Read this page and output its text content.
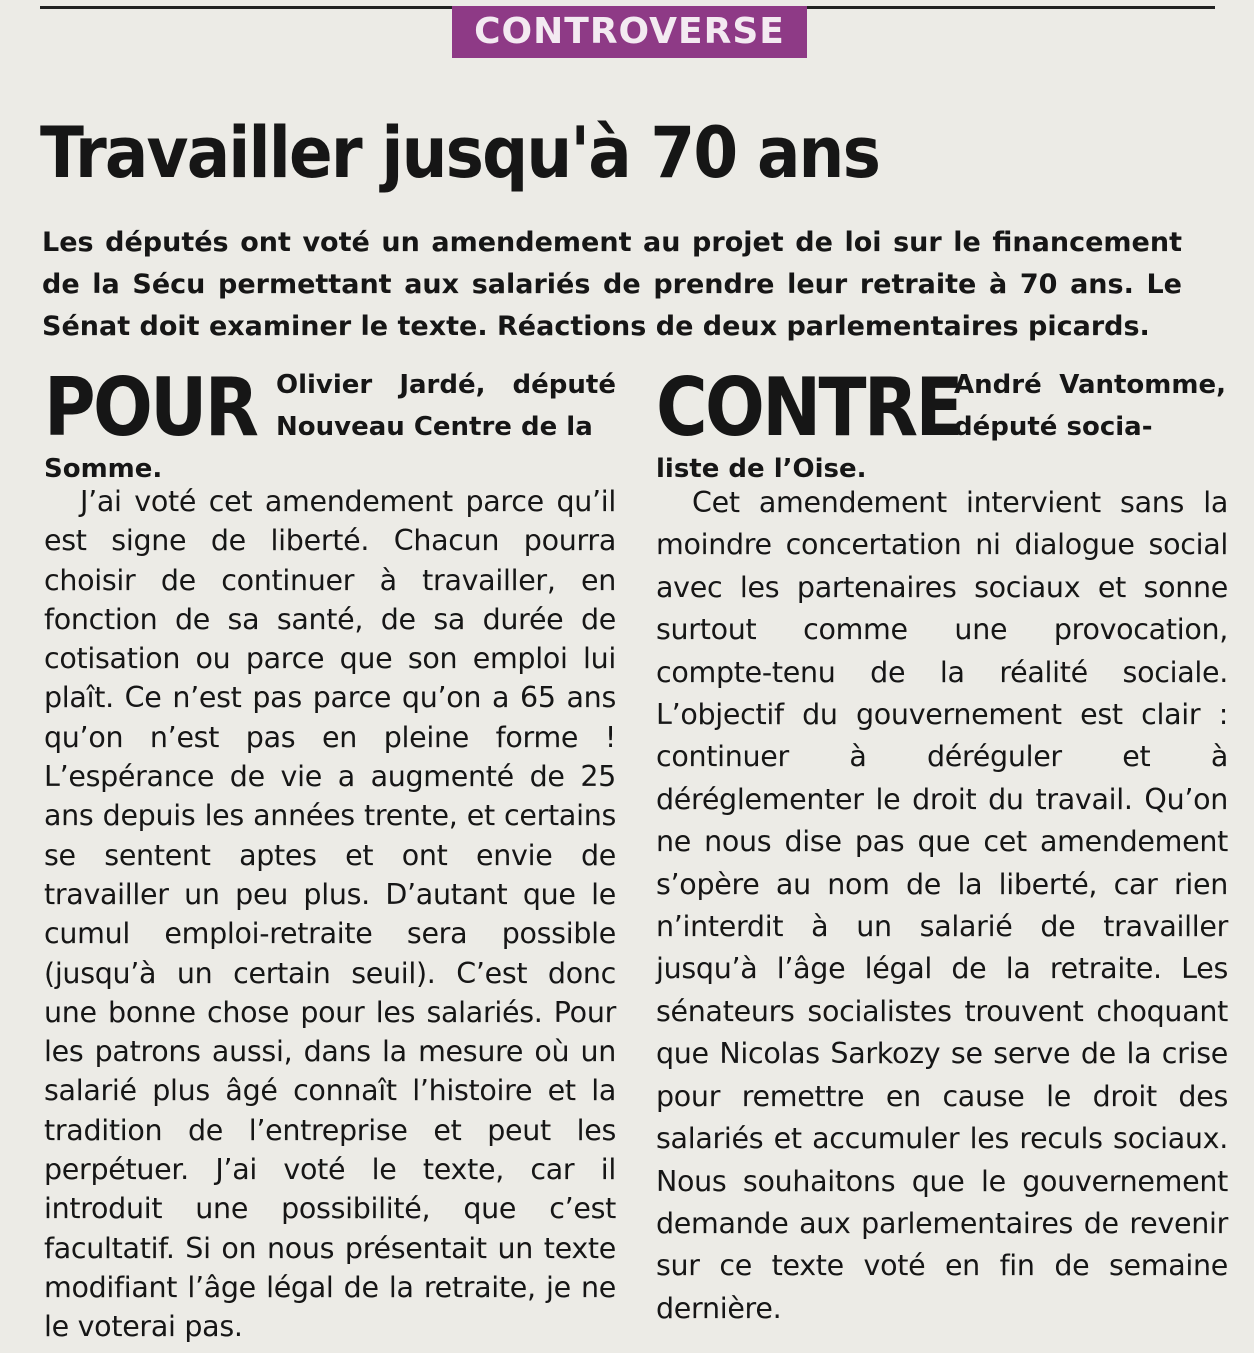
CONTROVERSE
Travailler jusqu'à 70 ans
Les députés ont voté un amendement au projet de loi sur le financement de la Sécu permettant aux salariés de prendre leur retraite à 70 ans. Le Sénat doit examiner le texte. Réactions de deux parlementaires picards.
POUR Olivier Jardé, député Nouveau Centre de la
Somme.
J’ai voté cet amendement parce qu’il est signe de liberté. Chacun pourra choisir de continuer à travailler, en fonction de sa santé, de sa durée de cotisation ou parce que son emploi lui plaît. Ce n’est pas parce qu’on a 65 ans qu’on n’est pas en pleine forme ! L’espérance de vie a augmenté de 25 ans depuis les années trente, et certains se sentent aptes et ont envie de travailler un peu plus. D’autant que le cumul emploi-retraite sera possible (jusqu’à un certain seuil). C’est donc une bonne chose pour les salariés. Pour les patrons aussi, dans la mesure où un salarié plus âgé connaît l’histoire et la tradition de l’entreprise et peut les perpétuer. J’ai voté le texte, car il introduit une possibilité, que c’est facultatif. Si on nous présentait un texte modifiant l’âge légal de la retraite, je ne le voterai pas.
CONTRE
André Vantomme, député socia-
liste de l’Oise.
Cet amendement intervient sans la moindre concertation ni dialogue social avec les partenaires sociaux et sonne surtout comme une provocation, compte-tenu de la réalité sociale. L’objectif du gouvernement est clair : continuer à déréguler et à déréglementer le droit du travail. Qu’on ne nous dise pas que cet amendement s’opère au nom de la liberté, car rien n’interdit à un salarié de travailler jusqu’à l’âge légal de la retraite. Les sénateurs socialistes trouvent choquant que Nicolas Sarkozy se serve de la crise pour remettre en cause le droit des salariés et accumuler les reculs sociaux. Nous souhaitons que le gouvernement demande aux parlementaires de revenir sur ce texte voté en fin de semaine dernière.
